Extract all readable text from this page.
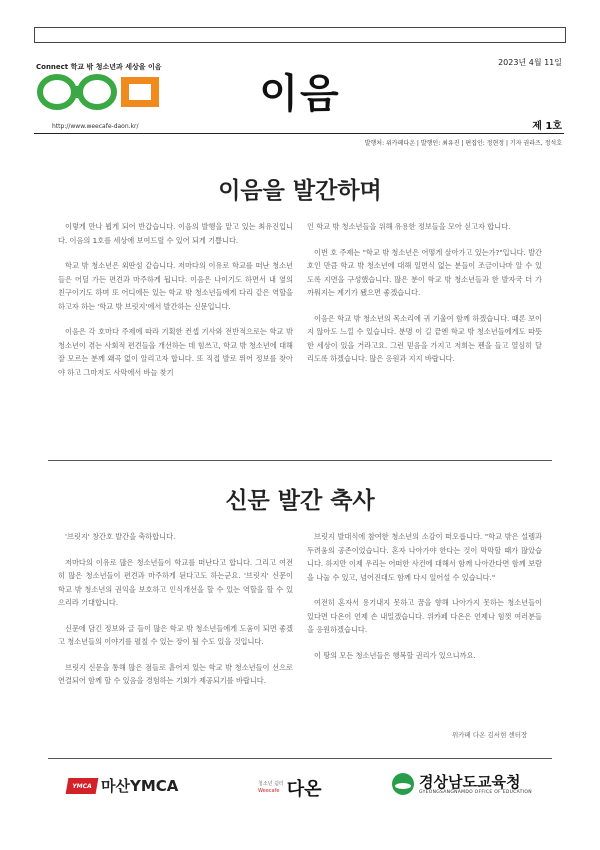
Connect 학교 밖 청소년과 세상을 이음
이음
2023년 4월 11일
http://www.weecafe-daon.kr/	제 1호
발행처: 위카페다온 | 발행인: 최유진 | 편집인: 정현정 | 기자 권라즈, 정석호
이음을 발간하며

이렇게 만나 뵙게 되어 반갑습니다. 이음의 발행을 맡고 있는 최유진입니다. 이음의 1호를 세상에 보여드릴 수 있어 되게 기쁩니다.

학교 밖 청소년은 외딴섬 같습니다. 저마다의 이유로 학교를 떠난 청소년들은 어딜 가든 편견과 마주하게 됩니다. 이음은 나이기도 하면서 내 옆의 친구이기도 하며 또 어디에든 있는 학교 밖 청소년들에게 다리 같은 역할을 하고자 하는 '학교 밖 브릿지'에서 발간하는 신문입니다.

이음은 각 호마다 주제에 따라 기획한 컨셉 기사와 전반적으로는 학교 밖 청소년이 겪는 사회적 편견들을 개선하는 데 힘쓰고, 학교 밖 청소년에 대해 잘 모르는 분께 왜곡 없이 알리고자 합니다. 또 직접 발로 뛰어 정보를 찾아야 하고 그마저도 사막에서 바늘 찾기

인 학교 밖 청소년들을 위해 유용한 정보들을 모아 싣고자 합니다.

이번 호 주제는 "학교 밖 청소년은 어떻게 살아가고 있는가?"입니다. 발간 호인 만큼 학교 밖 청소년에 대해 일면식 없는 분들이 조금이나마 알 수 있도록 지면을 구성했습니다. 많은 분이 학교 밖 청소년들과 한 발자국 더 가까워지는 계기가 됐으면 좋겠습니다.

이음은 학교 밖 청소년의 목소리에 귀 기울여 함께 하겠습니다. 때론 보이지 않아도 느낄 수 있습니다. 분명 이 길 끝엔 학교 밖 청소년들에게도 따뜻한 세상이 있을 거라고요. 그런 믿음을 가지고 저희는 펜을 들고 열심히 달리도록 하겠습니다. 많은 응원과 지지 바랍니다.

신문 발간 축사

'브릿지' 창간호 발간을 축하합니다.

저마다의 이유로 많은 청소년들이 학교를 떠난다고 합니다. 그리고 여전히 많은 청소년들이 편견과 마주하게 된다고도 하는군요. '브릿지' 신문이 학교 밖 청소년의 권익을 보호하고 인식개선을 할 수 있는 역할을 할 수 있으리라 기대합니다.

신문에 담긴 정보와 글 들이 많은 학교 밖 청소년들에게 도움이 되면 좋겠고 청소년들의 이야기를 펼칠 수 있는 장이 될 수도 있을 것입니다.

브릿지 신문을 통해 많은 점들로 흩어져 있는 학교 밖 청소년들이 선으로 연결되어 함께 할 수 있음을 경험하는 기회가 제공되기를 바랍니다.

브릿지 발대식에 참여한 청소년의 소감이 떠오릅니다. "학교 밖은 설렘과 두려움의 공존이었습니다. 혼자 나아가야 한다는 것이 막막할 때가 많았습니다. 하지만 이제 우리는 어떠한 사건에 대해서 함께 나아간다면 함께 보람을 나눌 수 있고, 넘어진대도 함께 다시 일어설 수 있습니다."

여전히 혼자서 용기내지 못하고 꿈을 향해 나아가지 못하는 청소년들이 있다면 다온이 언제 손 내밀겠습니다. 위카페 다온은 언제나 힘껏 여러분들을 응원하겠습니다.

이 땅의 모든 청소년들은 행복할 권리가 있으니까요.

위카페 다온 김서현 센터장
YMCA 마산YMCA	청소년 쉼터
Weecafe 다온	경상남도교육청
GYEONGSANGNAMDO OFFICE OF EDUCATION
